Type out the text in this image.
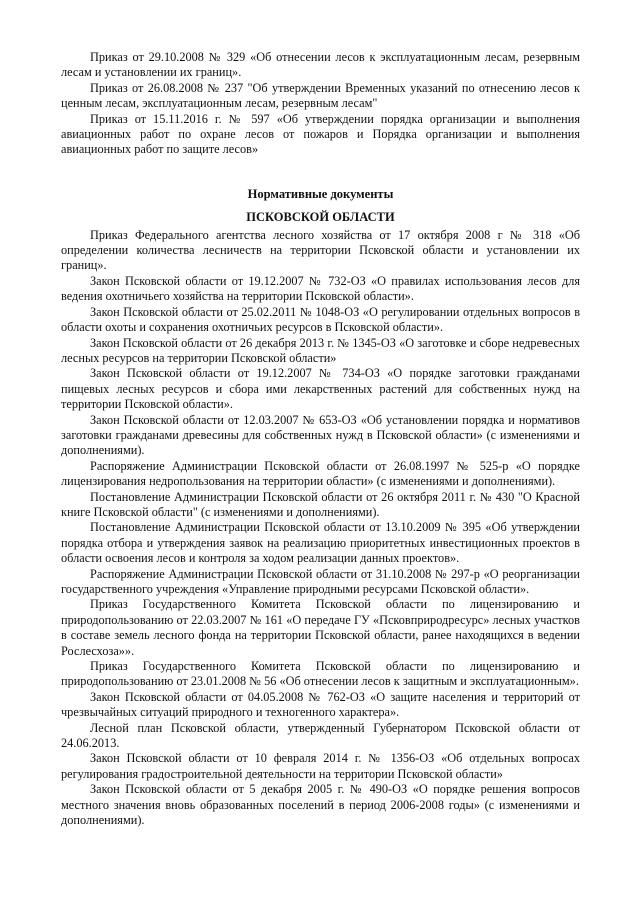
Приказ от 29.10.2008 № 329 «Об отнесении лесов к эксплуатационным лесам, резервным лесам и установлении их границ».

Приказ от 26.08.2008 № 237 "Об утверждении Временных указаний по отнесению лесов к ценным лесам, эксплуатационным лесам, резервным лесам"

Приказ от 15.11.2016 г. № 597 «Об утверждении порядка организации и выполнения авиационных работ по охране лесов от пожаров и Порядка организации и выполнения авиационных работ по защите лесов»

Нормативные документы

ПСКОВСКОЙ ОБЛАСТИ

Приказ Федерального агентства лесного хозяйства от 17 октября 2008 г № 318 «Об определении количества лесничеств на территории Псковской области и установлении их границ».

Закон Псковской области от 19.12.2007 № 732-ОЗ «О правилах использования лесов для ведения охотничьего хозяйства на территории Псковской области».

Закон Псковской области от 25.02.2011 № 1048-ОЗ «О регулировании отдельных вопросов в области охоты и сохранения охотничьих ресурсов в Псковской области».

Закон Псковской области от 26 декабря 2013 г. № 1345-ОЗ «О заготовке и сборе недревесных лесных ресурсов на территории Псковской области»

Закон Псковской области от 19.12.2007 № 734-ОЗ «О порядке заготовки гражданами пищевых лесных ресурсов и сбора ими лекарственных растений для собственных нужд на территории Псковской области».

Закон Псковской области от 12.03.2007 № 653-ОЗ «Об установлении порядка и нормативов заготовки гражданами древесины для собственных нужд в Псковской области» (с изменениями и дополнениями).

Распоряжение Администрации Псковской области от 26.08.1997 № 525-р «О порядке лицензирования недропользования на территории области» (с изменениями и дополнениями).

Постановление Администрации Псковской области от 26 октября 2011 г. № 430 "О Красной книге Псковской области" (с изменениями и дополнениями).

Постановление Администрации Псковской области от 13.10.2009 № 395 «Об утверждении порядка отбора и утверждения заявок на реализацию приоритетных инвестиционных проектов в области освоения лесов и контроля за ходом реализации данных проектов».

Распоряжение Администрации Псковской области от 31.10.2008 № 297-р «О реорганизации государственного учреждения «Управление природными ресурсами Псковской области».

Приказ Государственного Комитета Псковской области по лицензированию и природопользованию от 22.03.2007 № 161 «О передаче ГУ «Псковприродресурс» лесных участков в составе земель лесного фонда на территории Псковской области, ранее находящихся в ведении Рослесхоза»».

Приказ Государственного Комитета Псковской области по лицензированию и природопользованию от 23.01.2008 № 56 «Об отнесении лесов к защитным и эксплуатационным».

Закон Псковской области от 04.05.2008 № 762-ОЗ «О защите населения и территорий от чрезвычайных ситуаций природного и техногенного характера».

Лесной план Псковской области, утвержденный Губернатором Псковской области от 24.06.2013.

Закон Псковской области от 10 февраля 2014 г. № 1356-ОЗ «Об отдельных вопросах регулирования градостроительной деятельности на территории Псковской области»

Закон Псковской области от 5 декабря 2005 г. № 490-ОЗ «О порядке решения вопросов местного значения вновь образованных поселений в период 2006-2008 годы» (с изменениями и дополнениями).
